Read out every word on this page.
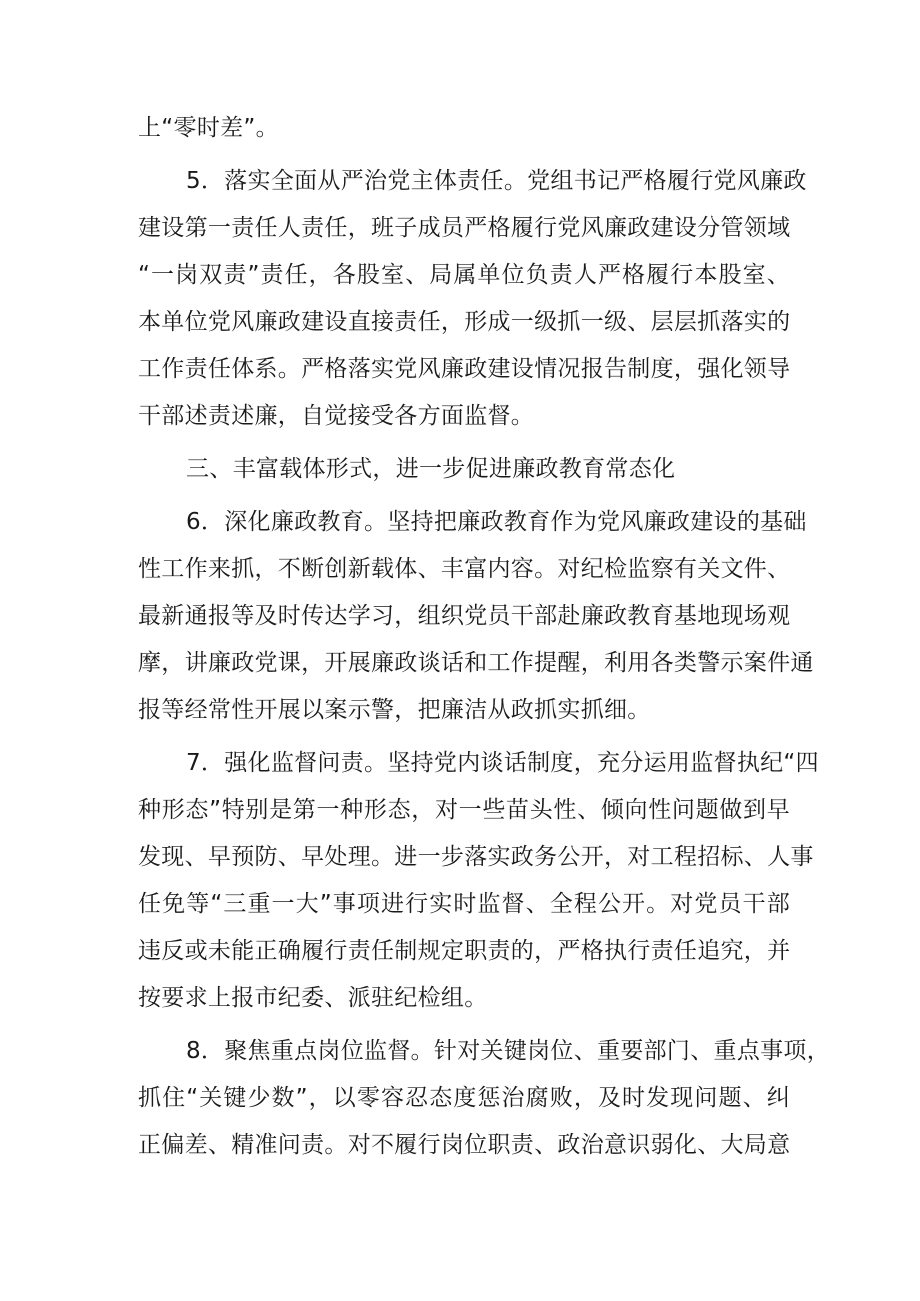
上“零时差”。
5．落实全面从严治党主体责任。党组书记严格履行党风廉政
建设第一责任人责任，班子成员严格履行党风廉政建设分管领域
“一岗双责”责任，各股室、局属单位负责人严格履行本股室、
本单位党风廉政建设直接责任，形成一级抓一级、层层抓落实的
工作责任体系。严格落实党风廉政建设情况报告制度，强化领导
干部述责述廉，自觉接受各方面监督。
三、丰富载体形式，进一步促进廉政教育常态化
6．深化廉政教育。坚持把廉政教育作为党风廉政建设的基础
性工作来抓，不断创新载体、丰富内容。对纪检监察有关文件、
最新通报等及时传达学习，组织党员干部赴廉政教育基地现场观
摩，讲廉政党课，开展廉政谈话和工作提醒，利用各类警示案件通
报等经常性开展以案示警，把廉洁从政抓实抓细。
7．强化监督问责。坚持党内谈话制度，充分运用监督执纪“四
种形态”特别是第一种形态，对一些苗头性、倾向性问题做到早
发现、早预防、早处理。进一步落实政务公开，对工程招标、人事
任免等“三重一大”事项进行实时监督、全程公开。对党员干部
违反或未能正确履行责任制规定职责的，严格执行责任追究，并
按要求上报市纪委、派驻纪检组。
8．聚焦重点岗位监督。针对关键岗位、重要部门、重点事项，
抓住“关键少数”，以零容忍态度惩治腐败，及时发现问题、纠
正偏差、精准问责。对不履行岗位职责、政治意识弱化、大局意
